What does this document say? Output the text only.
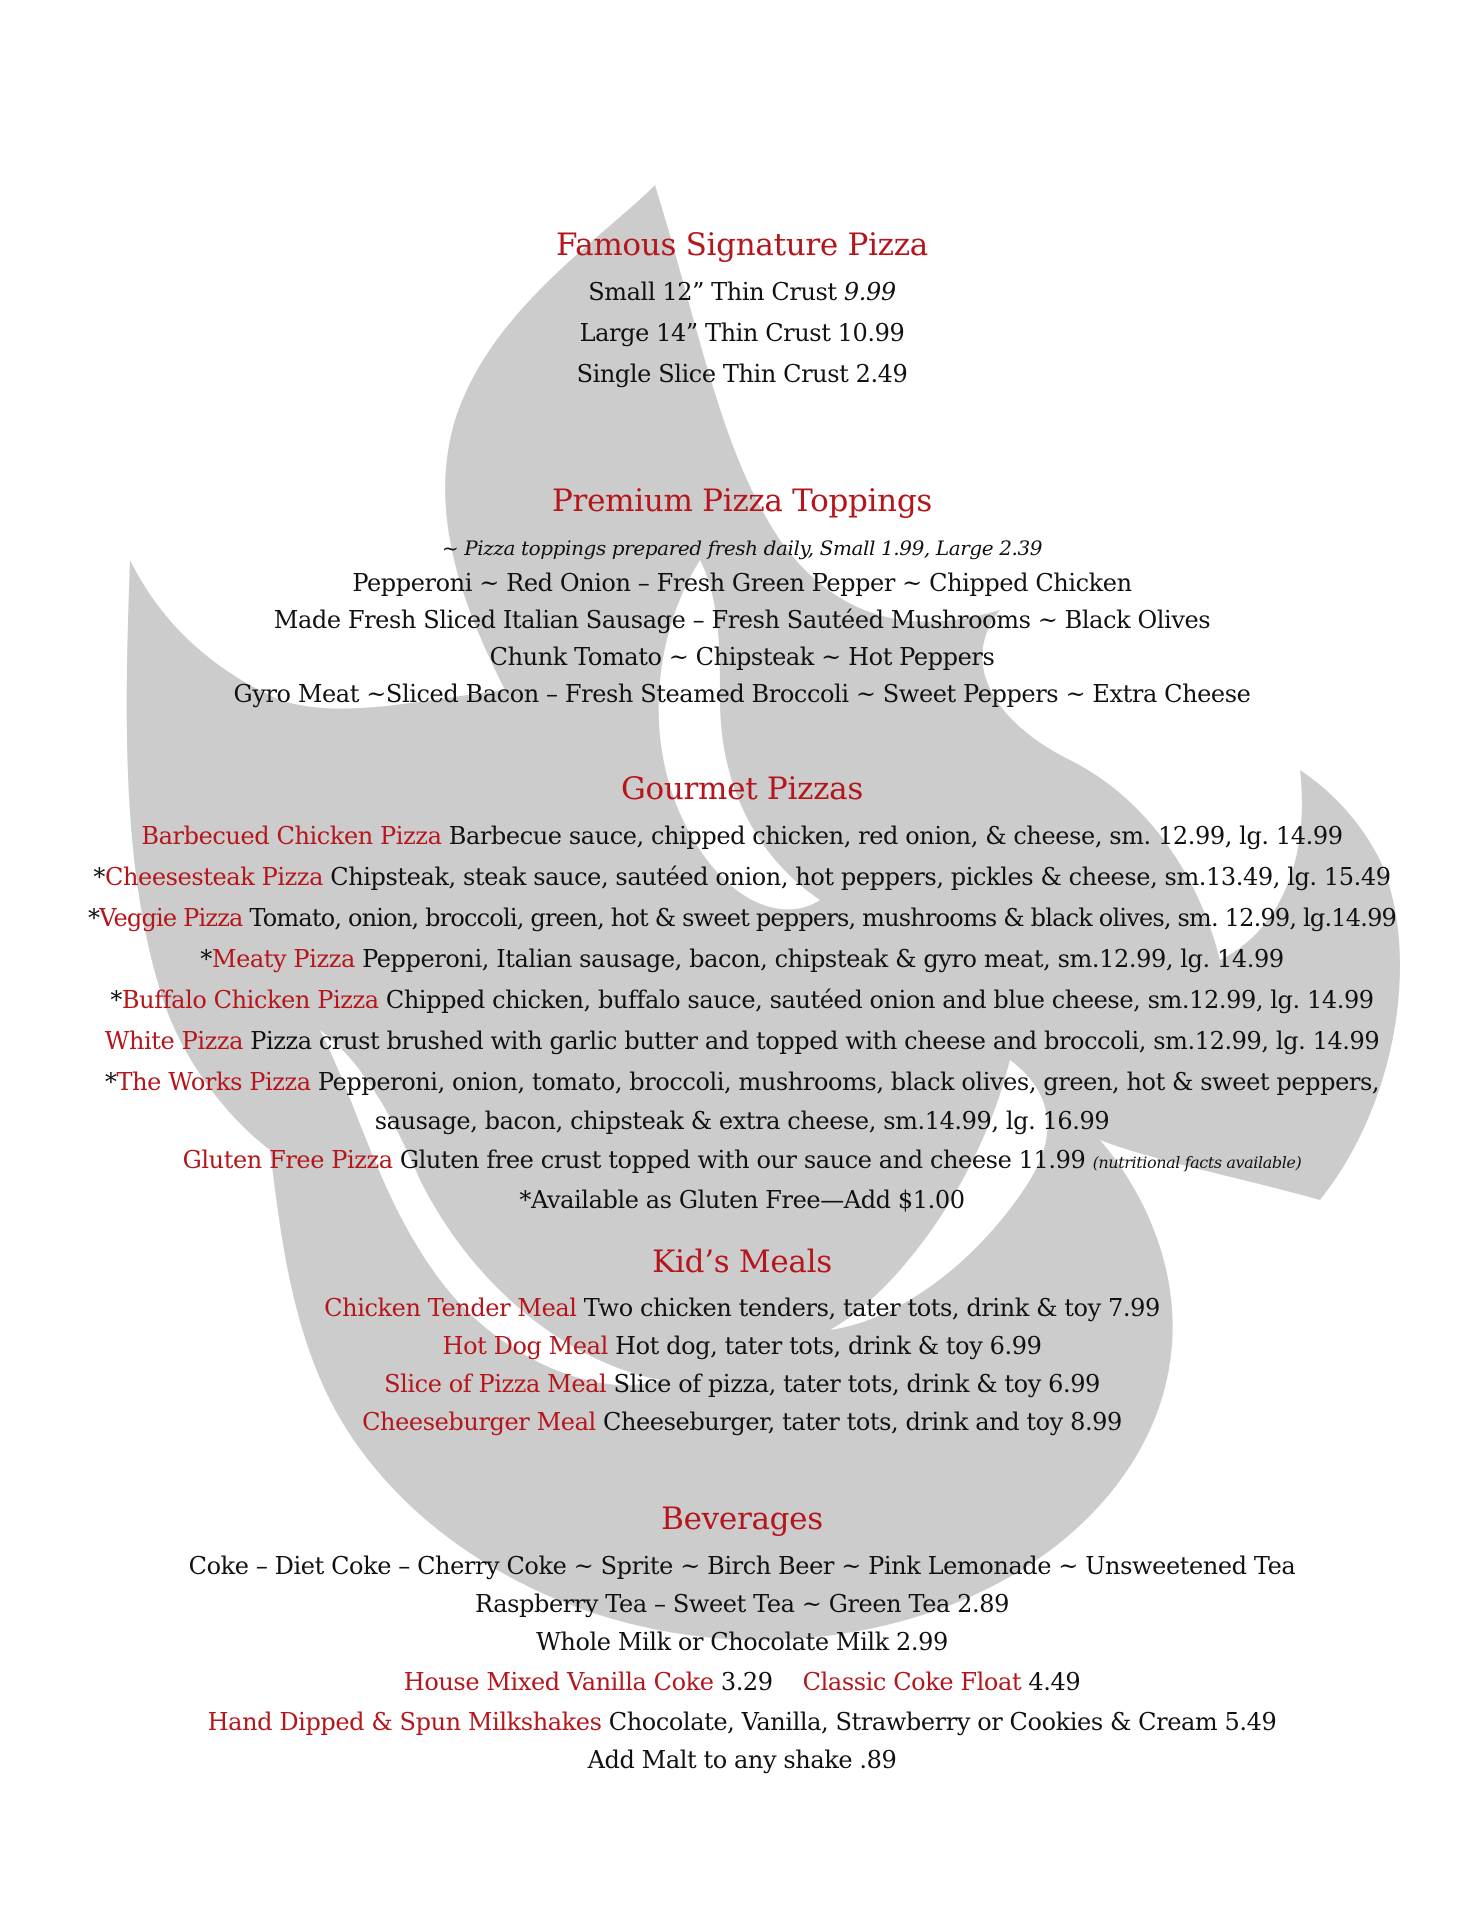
Famous Signature Pizza
Small 12” Thin Crust 9.99
Large 14” Thin Crust 10.99
Single Slice Thin Crust 2.49
Premium Pizza Toppings
~ Pizza toppings prepared fresh daily, Small 1.99, Large 2.39
Pepperoni ~ Red Onion – Fresh Green Pepper ~ Chipped Chicken
Made Fresh Sliced Italian Sausage – Fresh Sautéed Mushrooms ~ Black Olives
Chunk Tomato ~ Chipsteak ~ Hot Peppers
Gyro Meat ~Sliced Bacon – Fresh Steamed Broccoli ~ Sweet Peppers ~ Extra Cheese
Gourmet Pizzas
Barbecued Chicken Pizza Barbecue sauce, chipped chicken, red onion, & cheese, sm. 12.99, lg. 14.99
*Cheesesteak Pizza Chipsteak, steak sauce, sautéed onion, hot peppers, pickles & cheese, sm.13.49, lg. 15.49
*Veggie Pizza Tomato, onion, broccoli, green, hot & sweet peppers, mushrooms & black olives, sm. 12.99, lg.14.99
*Meaty Pizza Pepperoni, Italian sausage, bacon, chipsteak & gyro meat, sm.12.99, lg. 14.99
*Buffalo Chicken Pizza Chipped chicken, buffalo sauce, sautéed onion and blue cheese, sm.12.99, lg. 14.99
White Pizza Pizza crust brushed with garlic butter and topped with cheese and broccoli, sm.12.99, lg. 14.99
*The Works Pizza Pepperoni, onion, tomato, broccoli, mushrooms, black olives, green, hot & sweet peppers,
sausage, bacon, chipsteak & extra cheese, sm.14.99, lg. 16.99
Gluten Free Pizza Gluten free crust topped with our sauce and cheese 11.99 (nutritional facts available)
*Available as Gluten Free—Add $1.00
Kid’s Meals
Chicken Tender Meal Two chicken tenders, tater tots, drink & toy 7.99
Hot Dog Meal Hot dog, tater tots, drink & toy 6.99
Slice of Pizza Meal Slice of pizza, tater tots, drink & toy 6.99
Cheeseburger Meal Cheeseburger, tater tots, drink and toy 8.99
Beverages
Coke – Diet Coke – Cherry Coke ~ Sprite ~ Birch Beer ~ Pink Lemonade ~ Unsweetened Tea
Raspberry Tea – Sweet Tea ~ Green Tea 2.89
Whole Milk or Chocolate Milk 2.99
House Mixed Vanilla Coke 3.29 Classic Coke Float 4.49
Hand Dipped & Spun Milkshakes Chocolate, Vanilla, Strawberry or Cookies & Cream 5.49
Add Malt to any shake .89
